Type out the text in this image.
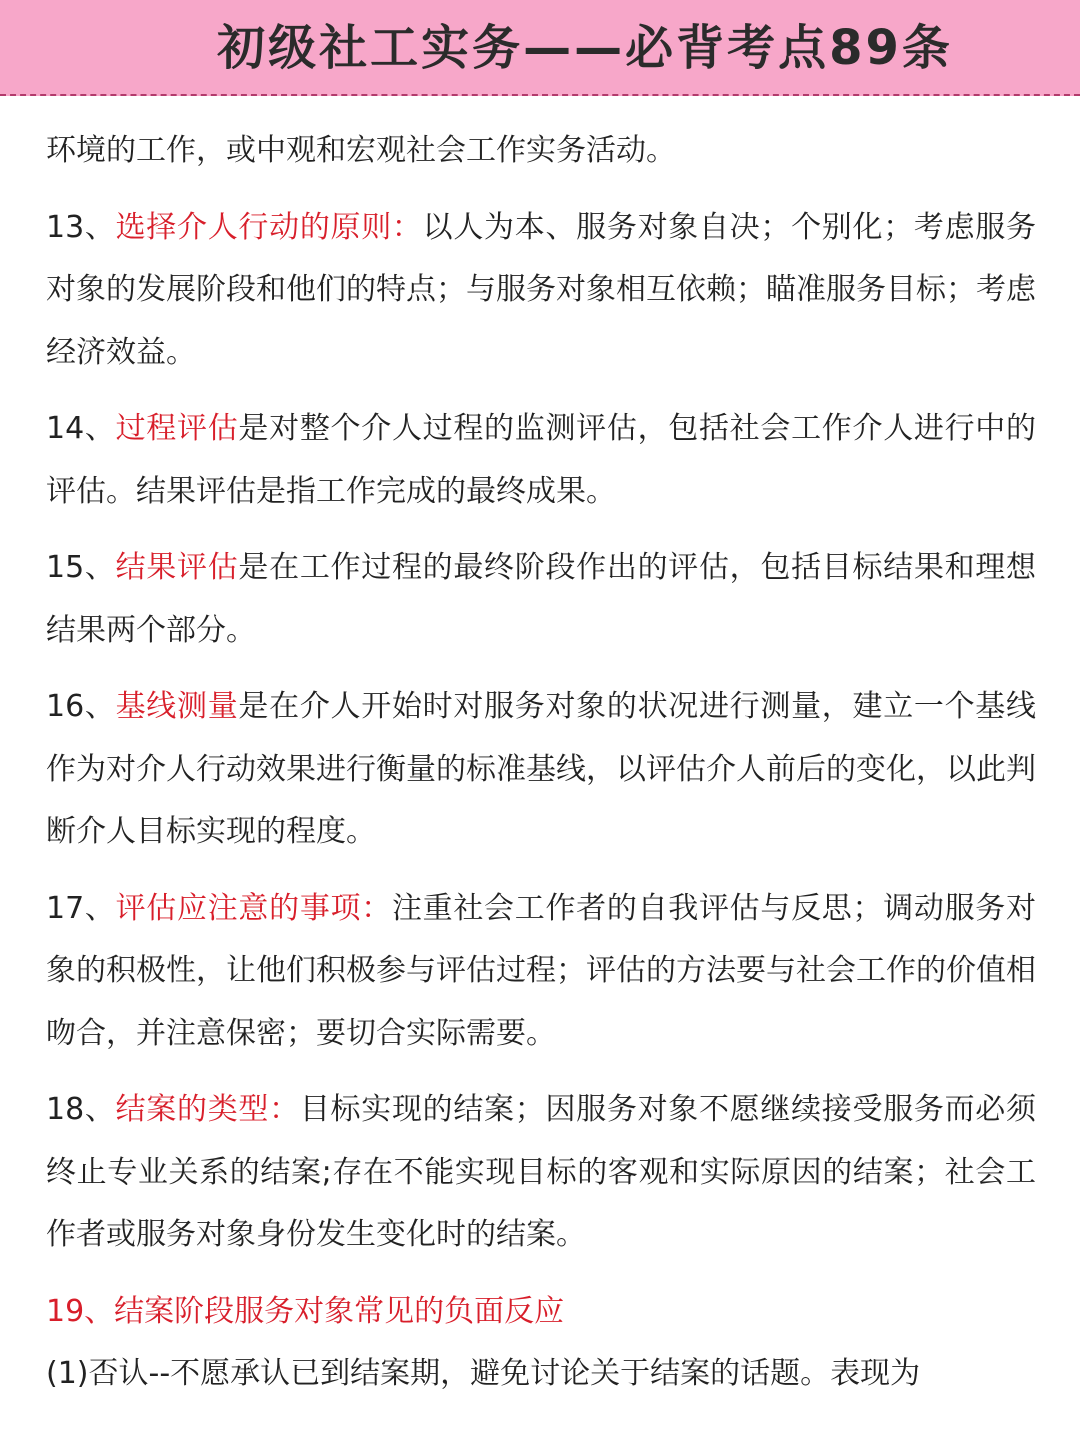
初级社工实务——必背考点89条

环境的工作，或中观和宏观社会工作实务活动。

13、选择介人行动的原则：以人为本、服务对象自决；个别化；考虑服务对象的发展阶段和他们的特点；与服务对象相互依赖；瞄准服务目标；考虑经济效益。

14、过程评估是对整个介人过程的监测评估，包括社会工作介人进行中的评估。结果评估是指工作完成的最终成果。

15、结果评估是在工作过程的最终阶段作出的评估，包括目标结果和理想结果两个部分。

16、基线测量是在介人开始时对服务对象的状况进行测量，建立一个基线作为对介人行动效果进行衡量的标准基线，以评估介人前后的变化，以此判断介人目标实现的程度。

17、评估应注意的事项：注重社会工作者的自我评估与反思；调动服务对象的积极性，让他们积极参与评估过程；评估的方法要与社会工作的价值相吻合，并注意保密；要切合实际需要。

18、结案的类型：目标实现的结案；因服务对象不愿继续接受服务而必须终止专业关系的结案;存在不能实现目标的客观和实际原因的结案；社会工作者或服务对象身份发生变化时的结案。

19、结案阶段服务对象常见的负面反应

(1)否认--不愿承认已到结案期，避免讨论关于结案的话题。表现为
